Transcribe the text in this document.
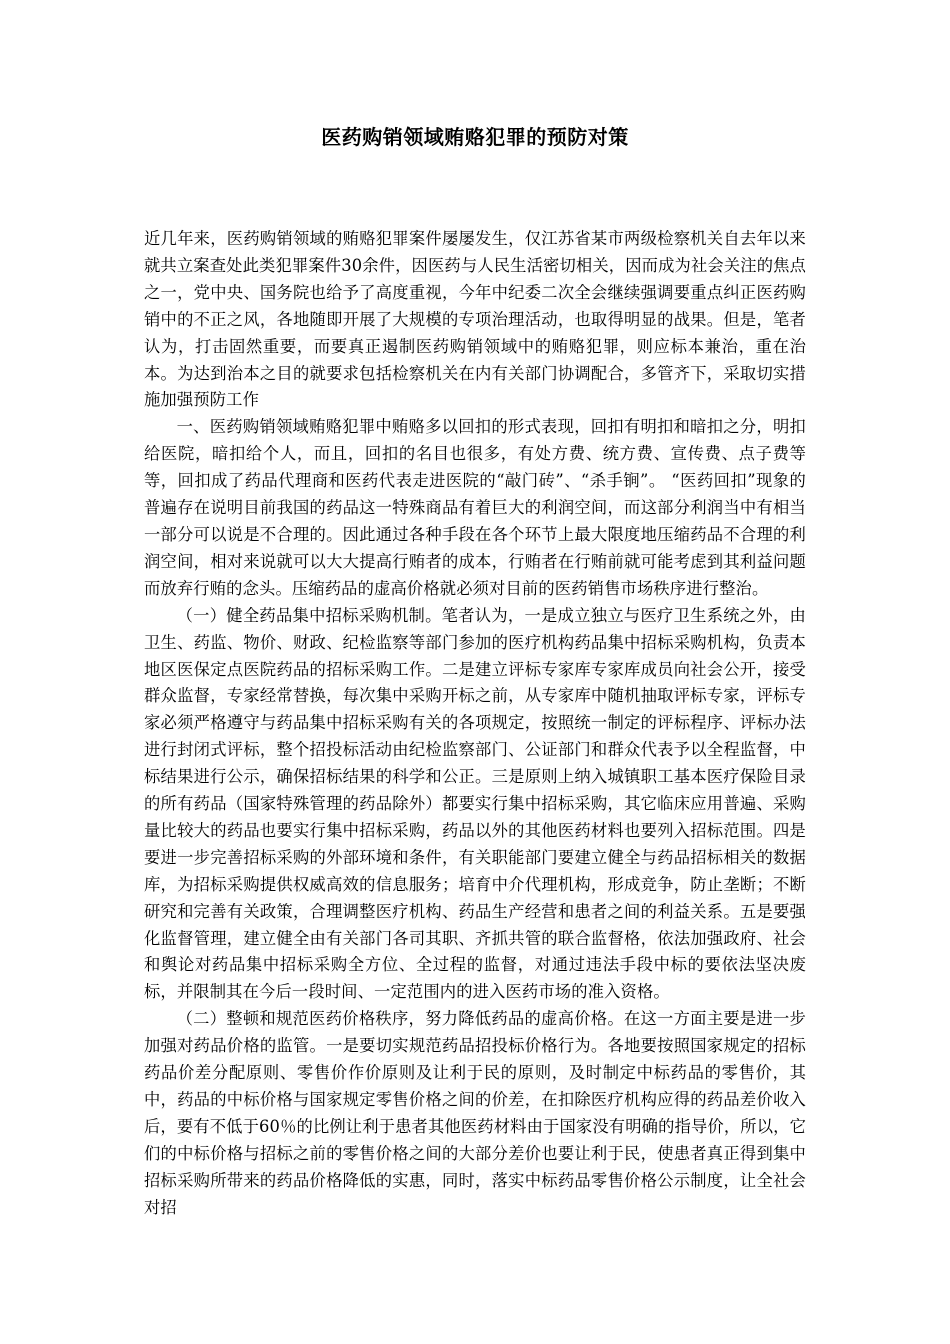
医药购销领域贿赂犯罪的预防对策

近几年来，医药购销领域的贿赂犯罪案件屡屡发生，仅江苏省某市两级检察机关自去年以来就共立案查处此类犯罪案件30余件，因医药与人民生活密切相关，因而成为社会关注的焦点之一，党中央、国务院也给予了高度重视，今年中纪委二次全会继续强调要重点纠正医药购销中的不正之风，各地随即开展了大规模的专项治理活动，也取得明显的战果。但是，笔者认为，打击固然重要，而要真正遏制医药购销领域中的贿赂犯罪，则应标本兼治，重在治本。为达到治本之目的就要求包括检察机关在内有关部门协调配合，多管齐下，采取切实措施加强预防工作

一、医药购销领域贿赂犯罪中贿赂多以回扣的形式表现，回扣有明扣和暗扣之分，明扣给医院，暗扣给个人，而且，回扣的名目也很多，有处方费、统方费、宣传费、点子费等等，回扣成了药品代理商和医药代表走进医院的“敲门砖”、“杀手锏”。 “医药回扣”现象的普遍存在说明目前我国的药品这一特殊商品有着巨大的利润空间，而这部分利润当中有相当一部分可以说是不合理的。因此通过各种手段在各个环节上最大限度地压缩药品不合理的利润空间，相对来说就可以大大提高行贿者的成本，行贿者在行贿前就可能考虑到其利益问题而放弃行贿的念头。压缩药品的虚高价格就必须对目前的医药销售市场秩序进行整治。

（一）健全药品集中招标采购机制。笔者认为，一是成立独立与医疗卫生系统之外，由卫生、药监、物价、财政、纪检监察等部门参加的医疗机构药品集中招标采购机构，负责本地区医保定点医院药品的招标采购工作。二是建立评标专家库专家库成员向社会公开，接受群众监督，专家经常替换，每次集中采购开标之前，从专家库中随机抽取评标专家，评标专家必须严格遵守与药品集中招标采购有关的各项规定，按照统一制定的评标程序、评标办法进行封闭式评标，整个招投标活动由纪检监察部门、公证部门和群众代表予以全程监督，中标结果进行公示，确保招标结果的科学和公正。三是原则上纳入城镇职工基本医疗保险目录的所有药品（国家特殊管理的药品除外）都要实行集中招标采购，其它临床应用普遍、采购量比较大的药品也要实行集中招标采购，药品以外的其他医药材料也要列入招标范围。四是要进一步完善招标采购的外部环境和条件，有关职能部门要建立健全与药品招标相关的数据库，为招标采购提供权威高效的信息服务；培育中介代理机构，形成竞争，防止垄断；不断研究和完善有关政策，合理调整医疗机构、药品生产经营和患者之间的利益关系。五是要强化监督管理，建立健全由有关部门各司其职、齐抓共管的联合监督格，依法加强政府、社会和舆论对药品集中招标采购全方位、全过程的监督，对通过违法手段中标的要依法坚决废标，并限制其在今后一段时间、一定范围内的进入医药市场的准入资格。

（二）整顿和规范医药价格秩序，努力降低药品的虚高价格。在这一方面主要是进一步加强对药品价格的监管。一是要切实规范药品招投标价格行为。各地要按照国家规定的招标药品价差分配原则、零售价作价原则及让利于民的原则，及时制定中标药品的零售价，其中，药品的中标价格与国家规定零售价格之间的价差，在扣除医疗机构应得的药品差价收入后，要有不低于60％的比例让利于患者其他医药材料由于国家没有明确的指导价，所以，它们的中标价格与招标之前的零售价格之间的大部分差价也要让利于民，使患者真正得到集中招标采购所带来的药品价格降低的实惠，同时，落实中标药品零售价格公示制度，让全社会对招
